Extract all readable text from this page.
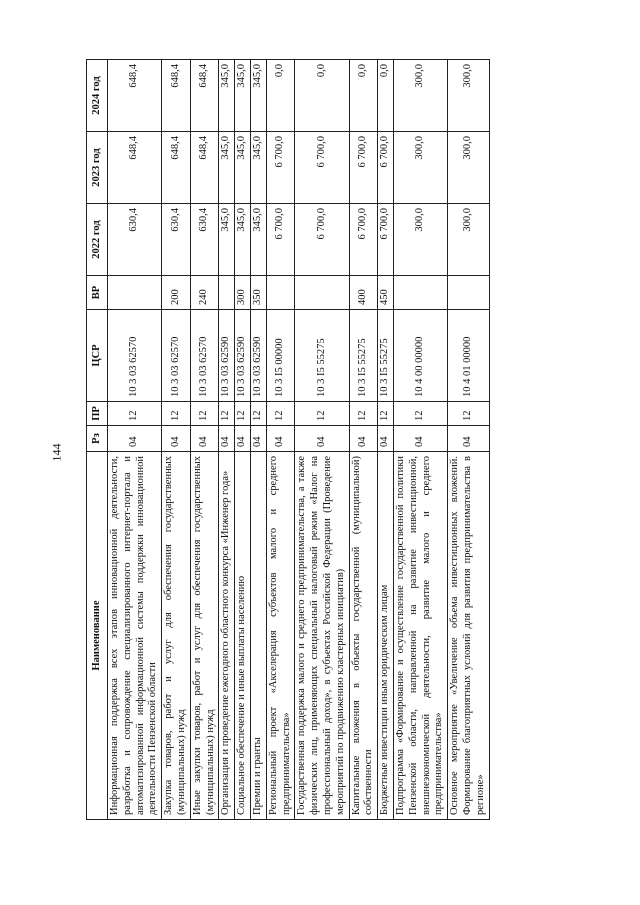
144
Наименование	Рз	ПР	ЦСР	ВР	2022 год	2023 год	2024 год
Информационная поддержка всех этапов инновационной деятельности, разработка и сопровождение специализированного интернет-портала и автоматизированной информационной системы поддержки инновационной деятельности Пензенской области	04	12	10 3 03 62570		630,4	648,4	648,4
Закупка товаров, работ и услуг для обеспечения государственных (муниципальных) нужд	04	12	10 3 03 62570	200	630,4	648,4	648,4
Иные закупки товаров, работ и услуг для обеспечения государственных (муниципальных) нужд	04	12	10 3 03 62570	240	630,4	648,4	648,4
Организация и проведение ежегодного областного конкурса «Инженер года»	04	12	10 3 03 62590		345,0	345,0	345,0
Социальное обеспечение и иные выплаты населению	04	12	10 3 03 62590	300	345,0	345,0	345,0
Премии и гранты	04	12	10 3 03 62590	350	345,0	345,0	345,0
Региональный проект «Акселерация субъектов малого и среднего предпринимательства»	04	12	10 3 I5 00000		6 700,0	6 700,0	0,0
Государственная поддержка малого и среднего предпринимательства, а также физических лиц, применяющих специальный налоговый режим «Налог на профессиональный доход», в субъектах Российской Федерации (Проведение мероприятий по продвижению кластерных инициатив)	04	12	10 3 I5 55275		6 700,0	6 700,0	0,0
Капитальные вложения в объекты государственной (муниципальной) собственности	04	12	10 3 I5 55275	400	6 700,0	6 700,0	0,0
Бюджетные инвестиции иным юридическим лицам	04	12	10 3 I5 55275	450	6 700,0	6 700,0	0,0
Подпрограмма «Формирование и осуществление государственной политики Пензенской области, направленной на развитие инвестиционной, внешнеэкономической деятельности, развитие малого и среднего предпринимательства»	04	12	10 4 00 00000		300,0	300,0	300,0
Основное мероприятие «Увеличение объема инвестиционных вложений. Формирование благоприятных условий для развития предпринимательства в регионе»	04	12	10 4 01 00000		300,0	300,0	300,0
